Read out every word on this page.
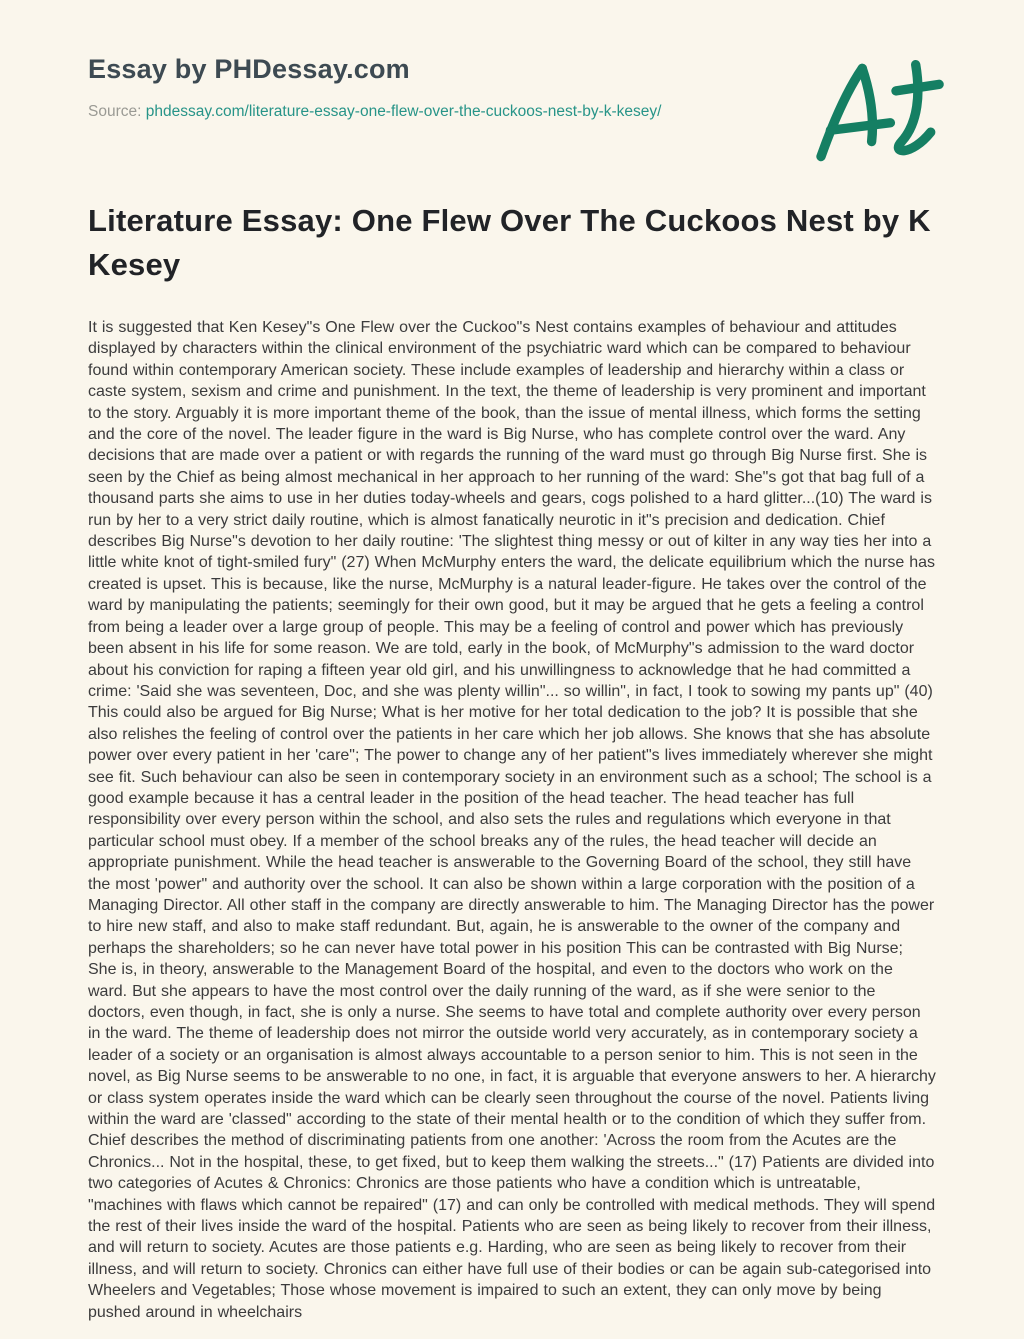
Essay by PHDessay.com
Source: phdessay.com/literature-essay-one-flew-over-the-cuckoos-nest-by-k-kesey/
Literature Essay: One Flew Over The Cuckoos Nest by K Kesey

It is suggested that Ken Kesey"s One Flew over the Cuckoo"s Nest contains examples of behaviour and attitudes displayed by characters within the clinical environment of the psychiatric ward which can be compared to behaviour found within contemporary American society. These include examples of leadership and hierarchy within a class or caste system, sexism and crime and punishment. In the text, the theme of leadership is very prominent and important to the story. Arguably it is more important theme of the book, than the issue of mental illness, which forms the setting and the core of the novel. The leader figure in the ward is Big Nurse, who has complete control over the ward. Any decisions that are made over a patient or with regards the running of the ward must go through Big Nurse first. She is seen by the Chief as being almost mechanical in her approach to her running of the ward: She"s got that bag full of a thousand parts she aims to use in her duties today-wheels and gears, cogs polished to a hard glitter...(10) The ward is run by her to a very strict daily routine, which is almost fanatically neurotic in it"s precision and dedication. Chief describes Big Nurse"s devotion to her daily routine: 'The slightest thing messy or out of kilter in any way ties her into a little white knot of tight-smiled fury" (27) When McMurphy enters the ward, the delicate equilibrium which the nurse has created is upset. This is because, like the nurse, McMurphy is a natural leader-figure. He takes over the control of the ward by manipulating the patients; seemingly for their own good, but it may be argued that he gets a feeling a control from being a leader over a large group of people. This may be a feeling of control and power which has previously been absent in his life for some reason. We are told, early in the book, of McMurphy"s admission to the ward doctor about his conviction for raping a fifteen year old girl, and his unwillingness to acknowledge that he had committed a crime: 'Said she was seventeen, Doc, and she was plenty willin"... so willin", in fact, I took to sowing my pants up" (40) This could also be argued for Big Nurse; What is her motive for her total dedication to the job? It is possible that she also relishes the feeling of control over the patients in her care which her job allows. She knows that she has absolute power over every patient in her 'care"; The power to change any of her patient"s lives immediately wherever she might see fit. Such behaviour can also be seen in contemporary society in an environment such as a school; The school is a good example because it has a central leader in the position of the head teacher. The head teacher has full responsibility over every person within the school, and also sets the rules and regulations which everyone in that particular school must obey. If a member of the school breaks any of the rules, the head teacher will decide an appropriate punishment. While the head teacher is answerable to the Governing Board of the school, they still have the most 'power" and authority over the school. It can also be shown within a large corporation with the position of a Managing Director. All other staff in the company are directly answerable to him. The Managing Director has the power to hire new staff, and also to make staff redundant. But, again, he is answerable to the owner of the company and perhaps the shareholders; so he can never have total power in his position This can be contrasted with Big Nurse; She is, in theory, answerable to the Management Board of the hospital, and even to the doctors who work on the ward. But she appears to have the most control over the daily running of the ward, as if she were senior to the doctors, even though, in fact, she is only a nurse. She seems to have total and complete authority over every person in the ward. The theme of leadership does not mirror the outside world very accurately, as in contemporary society a leader of a society or an organisation is almost always accountable to a person senior to him. This is not seen in the novel, as Big Nurse seems to be answerable to no one, in fact, it is arguable that everyone answers to her. A hierarchy or class system operates inside the ward which can be clearly seen throughout the course of the novel. Patients living within the ward are 'classed" according to the state of their mental health or to the condition of which they suffer from. Chief describes the method of discriminating patients from one another: 'Across the room from the Acutes are the Chronics... Not in the hospital, these, to get fixed, but to keep them walking the streets..." (17) Patients are divided into two categories of Acutes & Chronics: Chronics are those patients who have a condition which is untreatable, "machines with flaws which cannot be repaired" (17) and can only be controlled with medical methods. They will spend the rest of their lives inside the ward of the hospital. Patients who are seen as being likely to recover from their illness, and will return to society. Acutes are those patients e.g. Harding, who are seen as being likely to recover from their illness, and will return to society. Chronics can either have full use of their bodies or can be again sub-categorised into Wheelers and Vegetables; Those whose movement is impaired to such an extent, they can only move by being pushed around in wheelchairs
